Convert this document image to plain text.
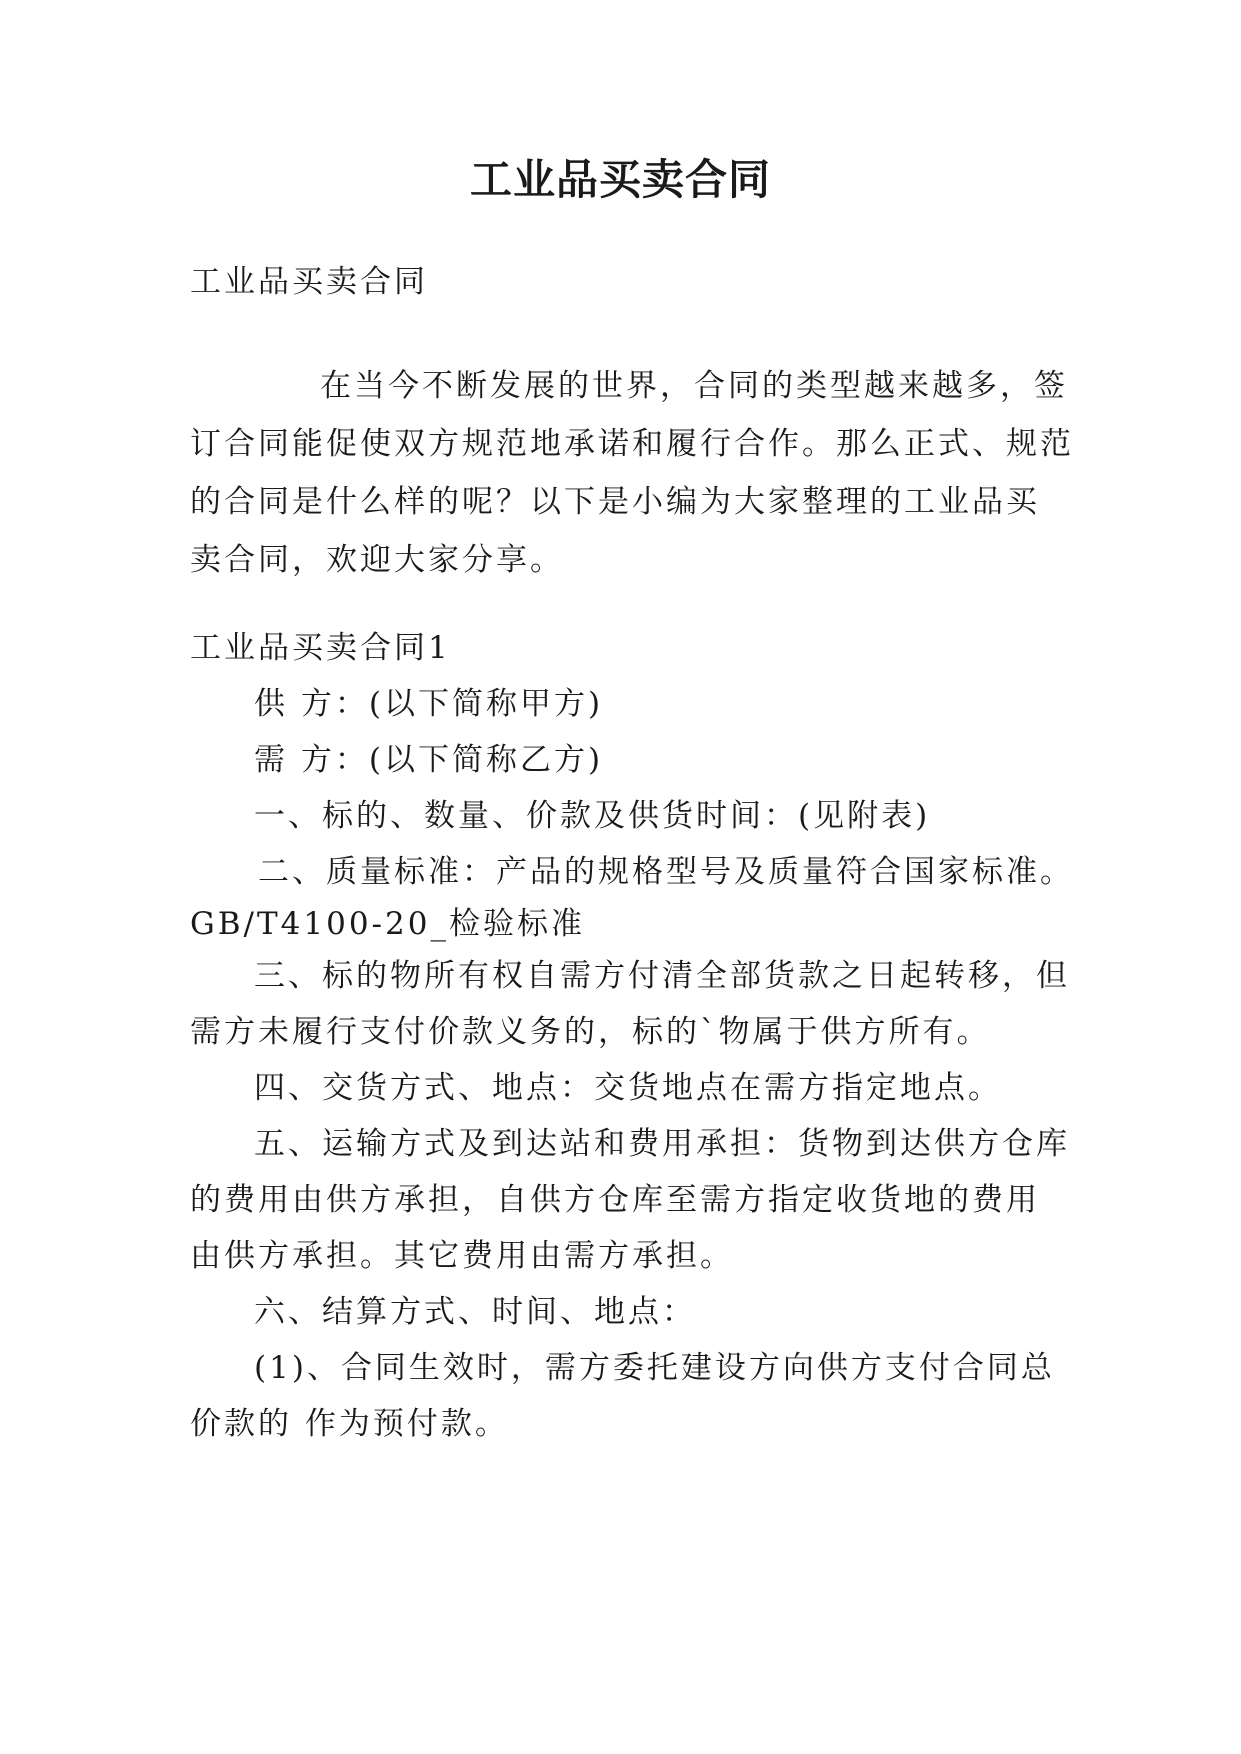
工业品买卖合同
工业品买卖合同
在当今不断发展的世界，合同的类型越来越多，签
订合同能促使双方规范地承诺和履行合作。那么正式、规范
的合同是什么样的呢？以下是小编为大家整理的工业品买
卖合同，欢迎大家分享。
工业品买卖合同1
供 方：(以下简称甲方)
需 方：(以下简称乙方)
一、标的、数量、价款及供货时间：(见附表)
二、质量标准：产品的规格型号及质量符合国家标准。
GB/T4100-20_检验标准
三、标的物所有权自需方付清全部货款之日起转移，但
需方未履行支付价款义务的，标的`物属于供方所有。
四、交货方式、地点：交货地点在需方指定地点。
五、运输方式及到达站和费用承担：货物到达供方仓库
的费用由供方承担，自供方仓库至需方指定收货地的费用
由供方承担。其它费用由需方承担。
六、结算方式、时间、地点：
(1)、合同生效时，需方委托建设方向供方支付合同总
价款的 作为预付款。
